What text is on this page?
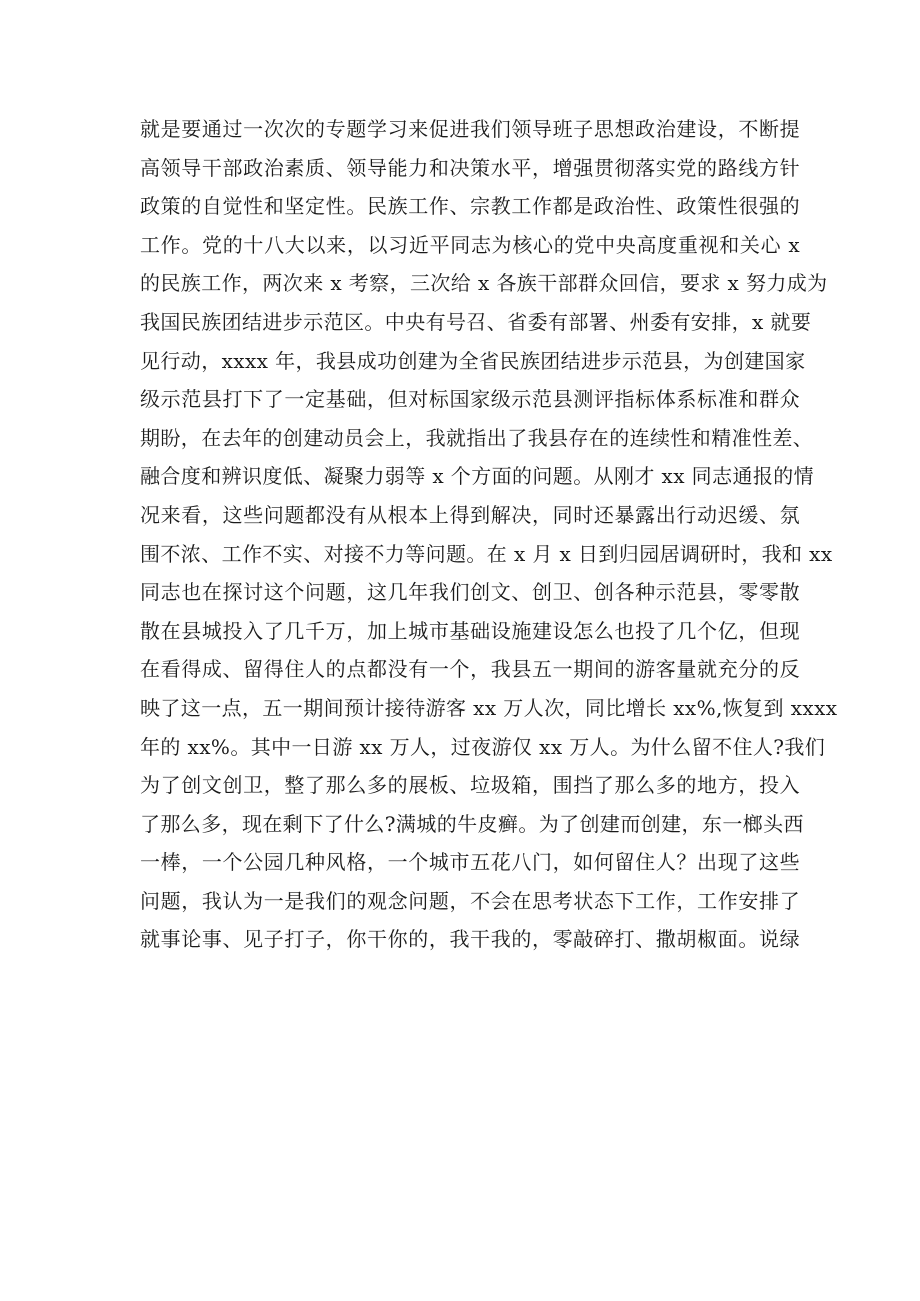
就是要通过一次次的专题学习来促进我们领导班子思想政治建设，不断提
高领导干部政治素质、领导能力和决策水平，增强贯彻落实党的路线方针
政策的自觉性和坚定性。民族工作、宗教工作都是政治性、政策性很强的
工作。党的十八大以来，以习近平同志为核心的党中央高度重视和关心 x
的民族工作，两次来 x 考察，三次给 x 各族干部群众回信，要求 x 努力成为
我国民族团结进步示范区。中央有号召、省委有部署、州委有安排，x 就要
见行动，xxxx 年，我县成功创建为全省民族团结进步示范县，为创建国家
级示范县打下了一定基础，但对标国家级示范县测评指标体系标准和群众
期盼，在去年的创建动员会上，我就指出了我县存在的连续性和精准性差、
融合度和辨识度低、凝聚力弱等 x 个方面的问题。从刚才 xx 同志通报的情
况来看，这些问题都没有从根本上得到解决，同时还暴露出行动迟缓、氛
围不浓、工作不实、对接不力等问题。在 x 月 x 日到归园居调研时，我和 xx
同志也在探讨这个问题，这几年我们创文、创卫、创各种示范县，零零散
散在县城投入了几千万，加上城市基础设施建设怎么也投了几个亿，但现
在看得成、留得住人的点都没有一个，我县五一期间的游客量就充分的反
映了这一点，五一期间预计接待游客 xx 万人次，同比增长 xx%,恢复到 xxxx
年的 xx%。其中一日游 xx 万人，过夜游仅 xx 万人。为什么留不住人?我们
为了创文创卫，整了那么多的展板、垃圾箱，围挡了那么多的地方，投入
了那么多，现在剩下了什么?满城的牛皮癣。为了创建而创建，东一榔头西
一棒，一个公园几种风格，一个城市五花八门，如何留住人？出现了这些
问题，我认为一是我们的观念问题，不会在思考状态下工作，工作安排了
就事论事、见子打子，你干你的，我干我的，零敲碎打、撒胡椒面。说绿
